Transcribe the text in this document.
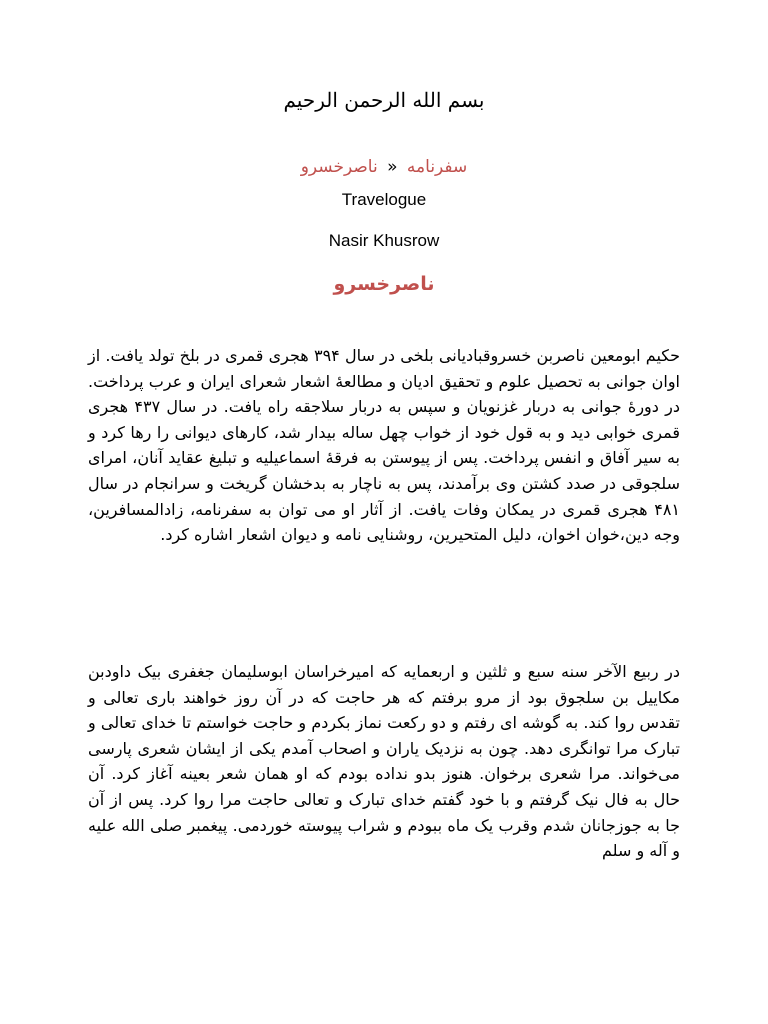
بسم الله الرحمن الرحیم
سفرنامه « ناصرخسرو
Travelogue
Nasir Khusrow
ناصرخسرو

حکیم ابومعین ناصربن خسروقبادیانی بلخی در سال ۳۹۴ هجری قمری در بلخ تولد یافت. از اوان جوانی به تحصیل علوم و تحقیق ادیان و مطالعهٔ اشعار شعرای ایران و عرب پرداخت. در دورهٔ جوانی به دربار غزنویان و سپس به دربار سلاجقه راه یافت. در سال ۴۳۷ هجری قمری خوابی دید و به قول خود از خواب چهل ساله بیدار شد، کارهای دیوانی را رها کرد و به سیر آفاق و انفس پرداخت. پس از پیوستن به فرقهٔ اسماعیلیه و تبلیغ عقاید آنان، امرای سلجوقی در صدد کشتن وی برآمدند، پس به ناچار به بدخشان گریخت و سرانجام در سال ۴۸۱ هجری قمری در یمکان وفات یافت. از آثار او می توان به سفرنامه، زادالمسافرین، وجه دین،خوان اخوان، دلیل المتحیرین، روشنایی نامه و دیوان اشعار اشاره کرد.

در ربیع الآخر سنه سبع و ثلثین و اربعمایه که امیرخراسان ابوسلیمان جغفری بیک داودبن مکاییل بن سلجوق بود از مرو برفتم که هر حاجت که در آن روز خواهند باری تعالی و تقدس روا کند. به گوشه ای رفتم و دو رکعت نماز بکردم و حاجت خواستم تا خدای تعالی و تبارک مرا توانگری دهد. چون به نزدیک یاران و اصحاب آمدم یکی از ایشان شعری پارسی می‌خواند. مرا شعری برخوان. هنوز بدو نداده بودم که او همان شعر بعینه آغاز کرد. آن حال به فال نیک گرفتم و با خود گفتم خدای تبارک و تعالی حاجت مرا روا کرد. پس از آن جا به جوزجانان شدم وقرب یک ماه ببودم و شراب پیوسته خوردمی. پیغمبر صلی الله علیه و آله و سلم
